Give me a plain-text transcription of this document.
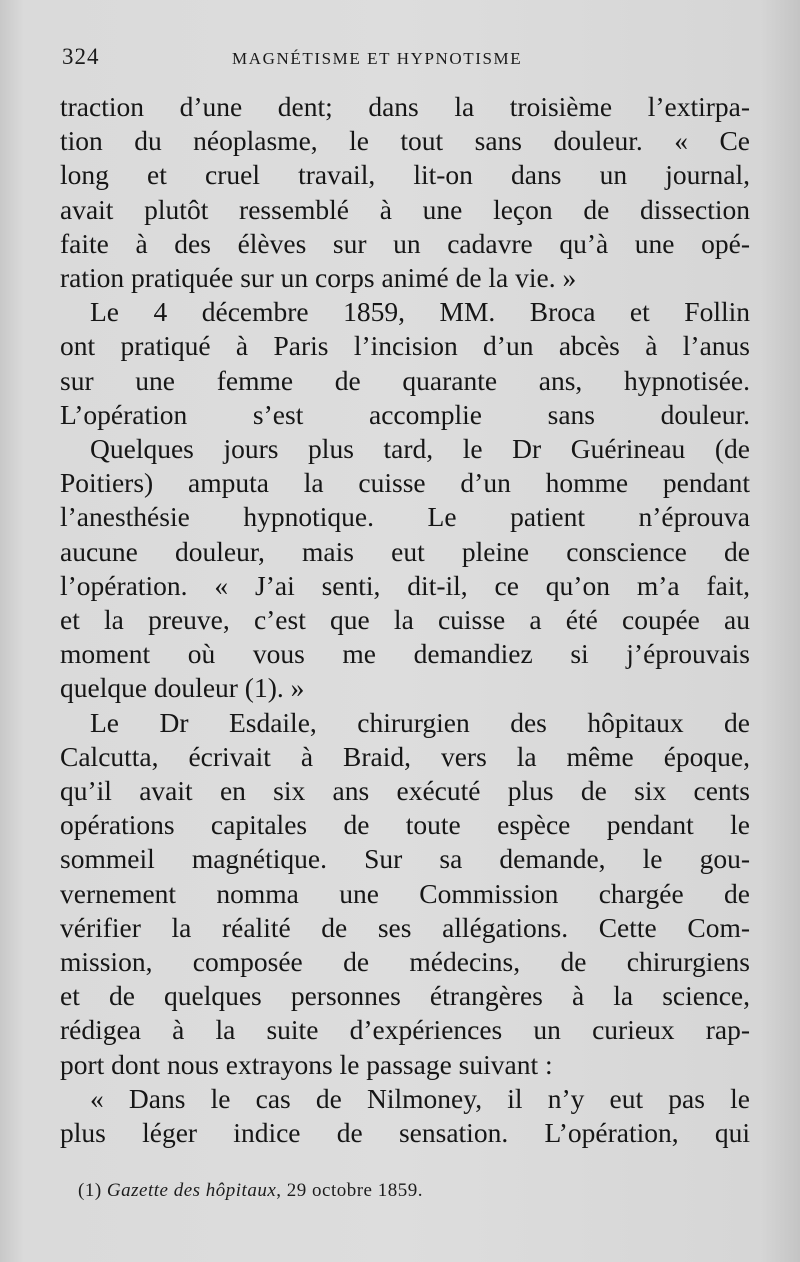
324	MAGNÉTISME ET HYPNOTISME
traction d’une dent; dans la troisième l’extirpa-
tion du néoplasme, le tout sans douleur. « Ce
long et cruel travail, lit-on dans un journal,
avait plutôt ressemblé à une leçon de dissection
faite à des élèves sur un cadavre qu’à une opé-
ration pratiquée sur un corps animé de la vie. »
Le 4 décembre 1859, MM. Broca et Follin
ont pratiqué à Paris l’incision d’un abcès à l’anus
sur une femme de quarante ans, hypnotisée.
L’opération s’est accomplie sans douleur.
Quelques jours plus tard, le Dr Guérineau (de
Poitiers) amputa la cuisse d’un homme pendant
l’anesthésie hypnotique. Le patient n’éprouva
aucune douleur, mais eut pleine conscience de
l’opération. « J’ai senti, dit-il, ce qu’on m’a fait,
et la preuve, c’est que la cuisse a été coupée au
moment où vous me demandiez si j’éprouvais
quelque douleur (1). »
Le Dr Esdaile, chirurgien des hôpitaux de
Calcutta, écrivait à Braid, vers la même époque,
qu’il avait en six ans exécuté plus de six cents
opérations capitales de toute espèce pendant le
sommeil magnétique. Sur sa demande, le gou-
vernement nomma une Commission chargée de
vérifier la réalité de ses allégations. Cette Com-
mission, composée de médecins, de chirurgiens
et de quelques personnes étrangères à la science,
rédigea à la suite d’expériences un curieux rap-
port dont nous extrayons le passage suivant :
« Dans le cas de Nilmoney, il n’y eut pas le
plus léger indice de sensation. L’opération, qui
(1) Gazette des hôpitaux, 29 octobre 1859.
